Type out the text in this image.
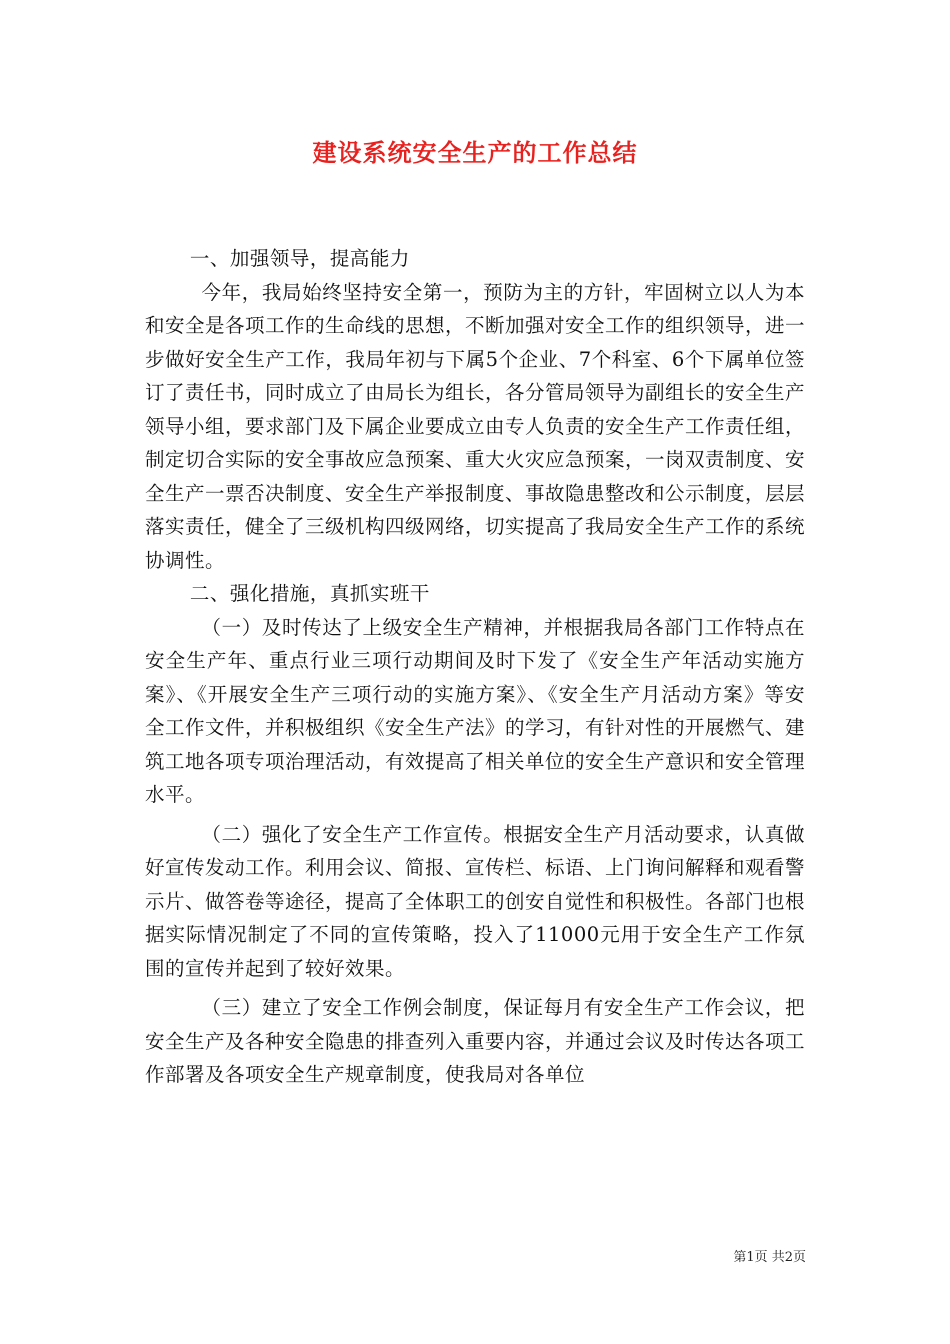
建设系统安全生产的工作总结

一、加强领导，提高能力

今年，我局始终坚持安全第一，预防为主的方针，牢固树立以人为本和安全是各项工作的生命线的思想，不断加强对安全工作的组织领导，进一步做好安全生产工作，我局年初与下属5个企业、7个科室、6个下属单位签订了责任书，同时成立了由局长为组长，各分管局领导为副组长的安全生产领导小组，要求部门及下属企业要成立由专人负责的安全生产工作责任组，制定切合实际的安全事故应急预案、重大火灾应急预案，一岗双责制度、安全生产一票否决制度、安全生产举报制度、事故隐患整改和公示制度，层层落实责任，健全了三级机构四级网络，切实提高了我局安全生产工作的系统协调性。

二、强化措施，真抓实班干

（一）及时传达了上级安全生产精神，并根据我局各部门工作特点在安全生产年、重点行业三项行动期间及时下发了《安全生产年活动实施方案》、《开展安全生产三项行动的实施方案》、《安全生产月活动方案》等安全工作文件，并积极组织《安全生产法》的学习，有针对性的开展燃气、建筑工地各项专项治理活动，有效提高了相关单位的安全生产意识和安全管理水平。

（二）强化了安全生产工作宣传。根据安全生产月活动要求，认真做好宣传发动工作。利用会议、简报、宣传栏、标语、上门询问解释和观看警示片、做答卷等途径，提高了全体职工的创安自觉性和积极性。各部门也根据实际情况制定了不同的宣传策略，投入了11000元用于安全生产工作氛围的宣传并起到了较好效果。

（三）建立了安全工作例会制度，保证每月有安全生产工作会议，把安全生产及各种安全隐患的排查列入重要内容，并通过会议及时传达各项工作部署及各项安全生产规章制度，使我局对各单位

第1页 共2页
